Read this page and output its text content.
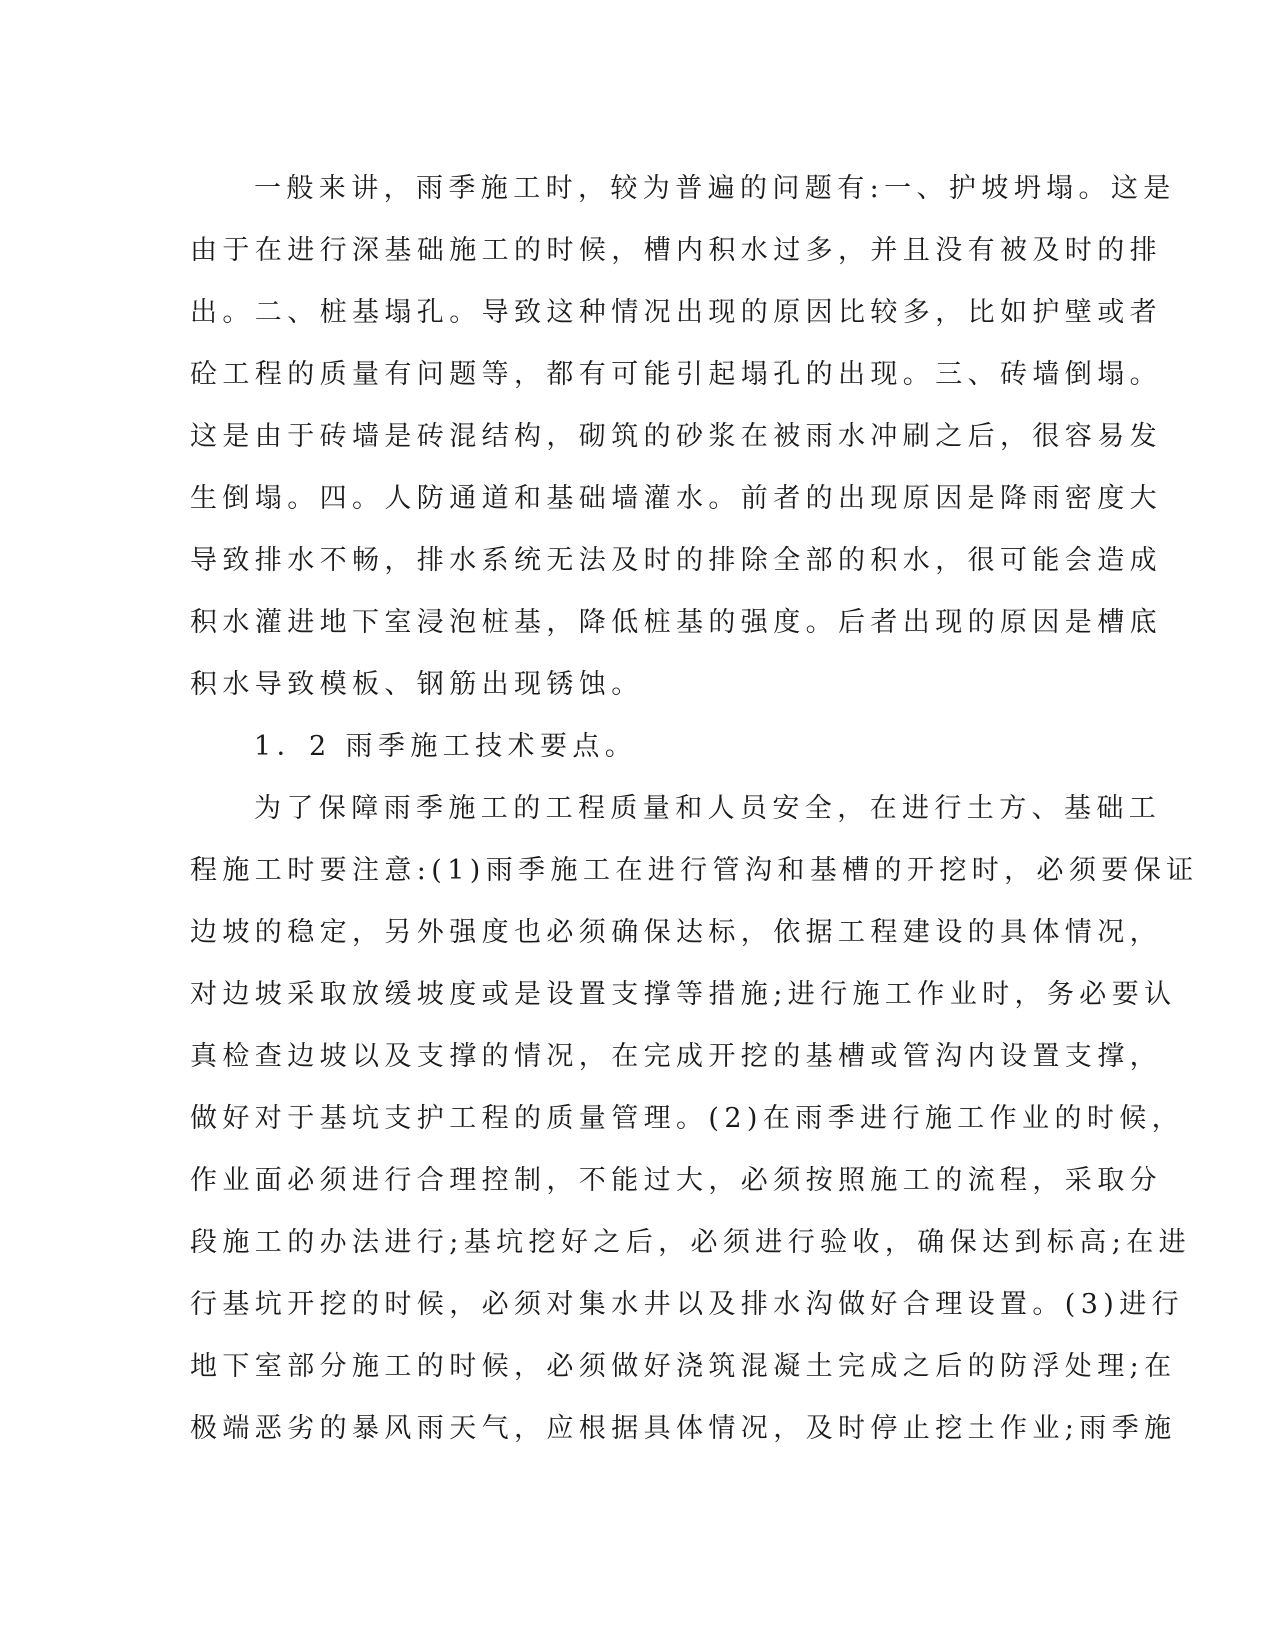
一般来讲，雨季施工时，较为普遍的问题有:一、护坡坍塌。这是
由于在进行深基础施工的时候，槽内积水过多，并且没有被及时的排
出。二、桩基塌孔。导致这种情况出现的原因比较多，比如护壁或者
砼工程的质量有问题等，都有可能引起塌孔的出现。三、砖墙倒塌。
这是由于砖墙是砖混结构，砌筑的砂浆在被雨水冲刷之后，很容易发
生倒塌。四。人防通道和基础墙灌水。前者的出现原因是降雨密度大
导致排水不畅，排水系统无法及时的排除全部的积水，很可能会造成
积水灌进地下室浸泡桩基，降低桩基的强度。后者出现的原因是槽底
积水导致模板、钢筋出现锈蚀。
1．2 雨季施工技术要点。
为了保障雨季施工的工程质量和人员安全，在进行土方、基础工
程施工时要注意:(1)雨季施工在进行管沟和基槽的开挖时，必须要保证
边坡的稳定，另外强度也必须确保达标，依据工程建设的具体情况，
对边坡采取放缓坡度或是设置支撑等措施;进行施工作业时，务必要认
真检查边坡以及支撑的情况，在完成开挖的基槽或管沟内设置支撑，
做好对于基坑支护工程的质量管理。(2)在雨季进行施工作业的时候，
作业面必须进行合理控制，不能过大，必须按照施工的流程，采取分
段施工的办法进行;基坑挖好之后，必须进行验收，确保达到标高;在进
行基坑开挖的时候，必须对集水井以及排水沟做好合理设置。(3)进行
地下室部分施工的时候，必须做好浇筑混凝土完成之后的防浮处理;在
极端恶劣的暴风雨天气，应根据具体情况，及时停止挖土作业;雨季施
